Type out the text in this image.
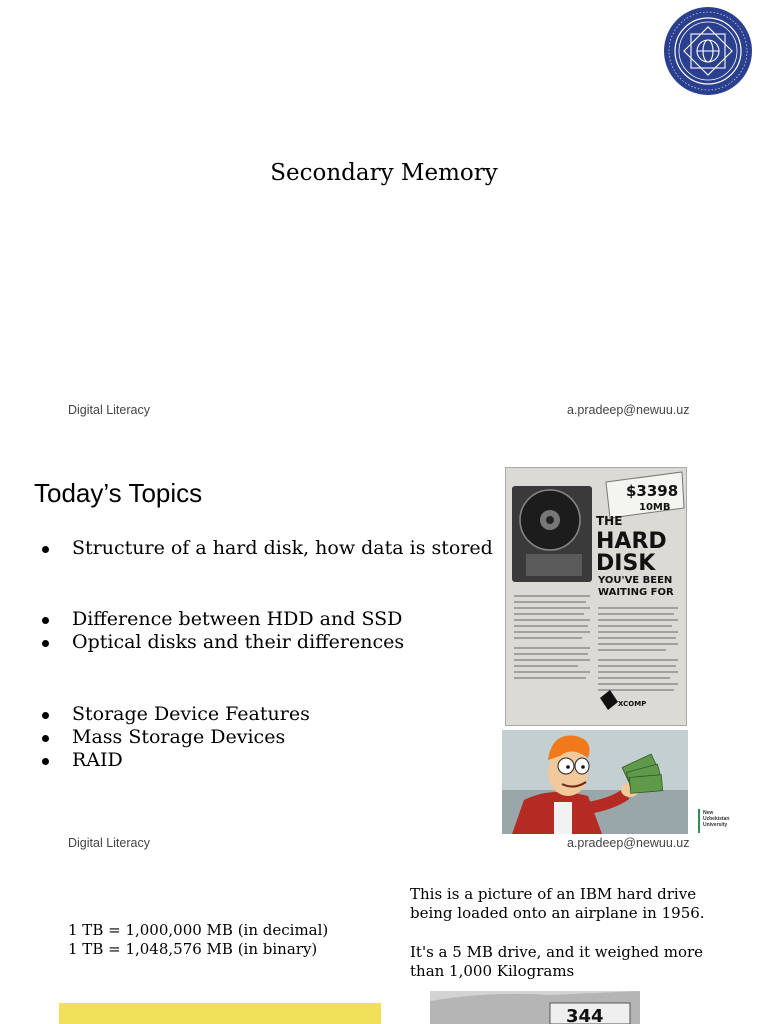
Secondary Memory
Digital Literacy	a.pradeep@newuu.uz
Today’s Topics
Structure of a hard disk, how data is stored
Difference between HDD and SSD
Optical disks and their differences
Storage Device Features
Mass Storage Devices
RAID
$3398
10MB
THE
HARD
DISK
YOU'VE BEEN
WAITING FOR
XCOMP
New
Uzbekistan
University
Digital Literacy	a.pradeep@newuu.uz
1 TB = 1,000,000 MB (in decimal)
1 TB = 1,048,576 MB (in binary)
This is a picture of an IBM hard drive being loaded onto an airplane in 1956.
It's a 5 MB drive, and it weighed more than 1,000 Kilograms
344
